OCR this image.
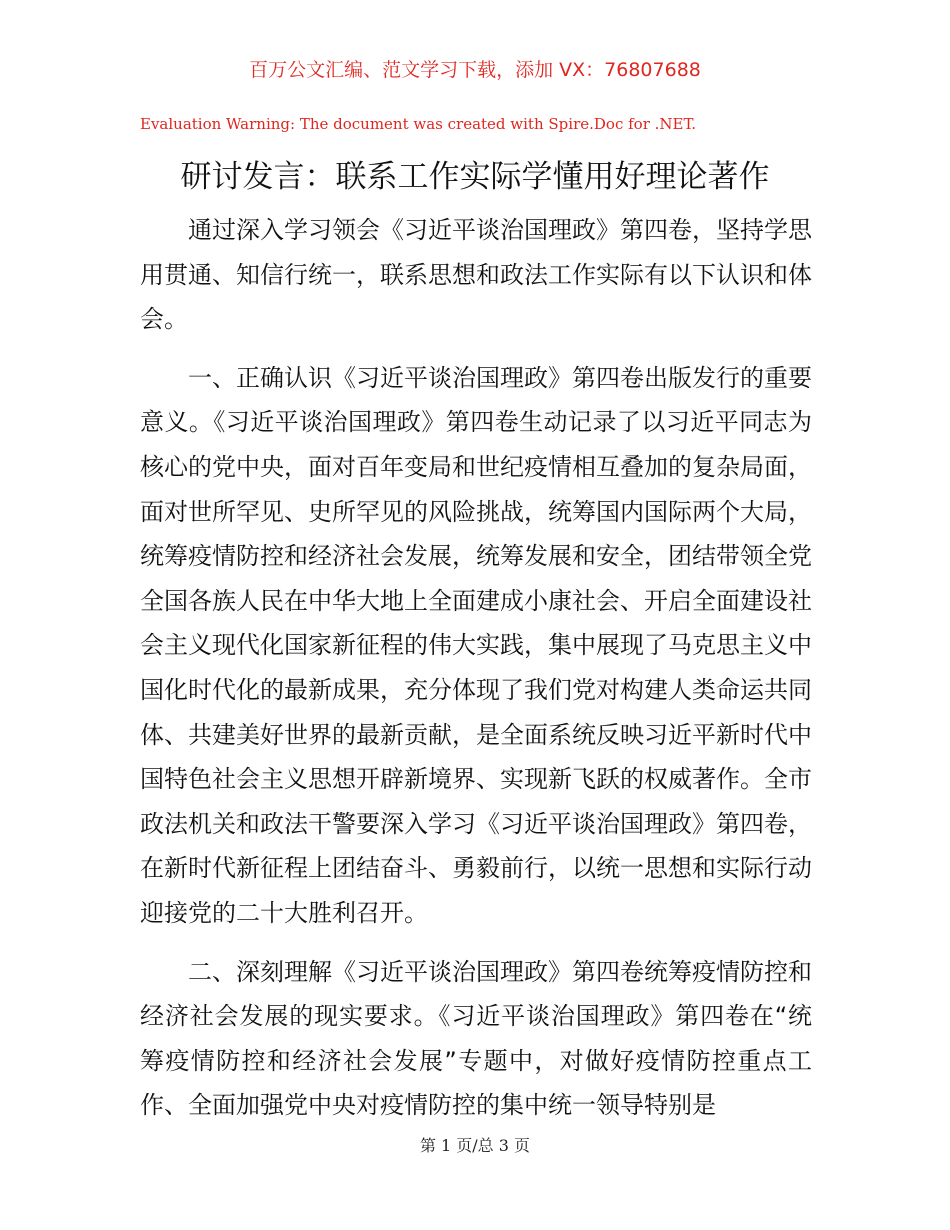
百万公文汇编、范文学习下载，添加 VX：76807688
Evaluation Warning: The document was created with Spire.Doc for .NET.
研讨发言：联系工作实际学懂用好理论著作

通过深入学习领会《习近平谈治国理政》第四卷，坚持学思用贯通、知信行统一，联系思想和政法工作实际有以下认识和体会。

一、正确认识《习近平谈治国理政》第四卷出版发行的重要意义。《习近平谈治国理政》第四卷生动记录了以习近平同志为核心的党中央，面对百年变局和世纪疫情相互叠加的复杂局面，面对世所罕见、史所罕见的风险挑战，统筹国内国际两个大局，统筹疫情防控和经济社会发展，统筹发展和安全，团结带领全党全国各族人民在中华大地上全面建成小康社会、开启全面建设社会主义现代化国家新征程的伟大实践，集中展现了马克思主义中国化时代化的最新成果，充分体现了我们党对构建人类命运共同体、共建美好世界的最新贡献，是全面系统反映习近平新时代中国特色社会主义思想开辟新境界、实现新飞跃的权威著作。全市政法机关和政法干警要深入学习《习近平谈治国理政》第四卷，在新时代新征程上团结奋斗、勇毅前行，以统一思想和实际行动迎接党的二十大胜利召开。

二、深刻理解《习近平谈治国理政》第四卷统筹疫情防控和经济社会发展的现实要求。《习近平谈治国理政》第四卷在“统筹疫情防控和经济社会发展”专题中，对做好疫情防控重点工作、全面加强党中央对疫情防控的集中统一领导特别是

第 1 页/总 3 页
